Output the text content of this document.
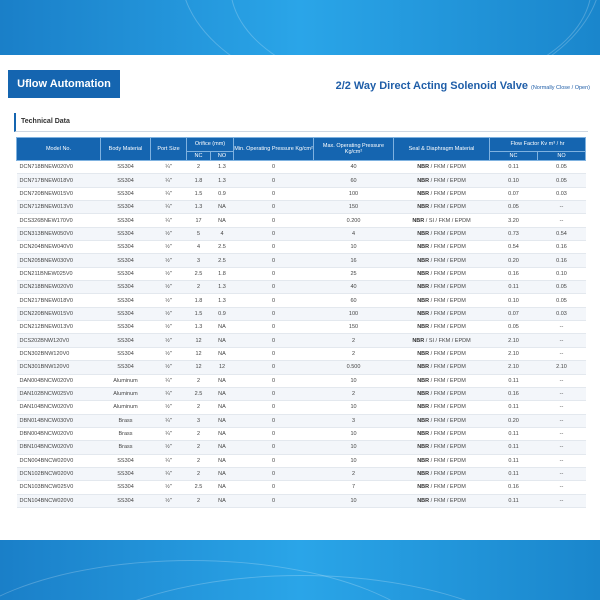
Uflow Automation	2/2 Way Direct Acting Solenoid Valve (Normally Close / Open)
Technical Data
Model No.	Body Material	Port Size	Orifice (mm)		Min. Operating Pressure Kg/cm²	Max. Operating Pressure Kg/cm²	Seal & Diaphragm Material	Flow Factor Kv m³ / hr	
			NC	NO				NC	NO
DCN718BNEW020V0	SS304	¼"	2	1.3	0	40	NBR / FKM / EPDM	0.11	0.05
DCN717BNEW018V0	SS304	¼"	1.8	1.3	0	60	NBR / FKM / EPDM	0.10	0.05
DCN720BNEW015V0	SS304	¼"	1.5	0.9	0	100	NBR / FKM / EPDM	0.07	0.03
DCN712BNEW013V0	SS304	¼"	1.3	NA	0	150	NBR / FKM / EPDM	0.05	--
DCS326BNEW170V0	SS304	¼"	17	NA	0	0.200	NBR / SI / FKM / EPDM	3.20	--
DCN313BNEW050V0	SS304	½"	5	4	0	4	NBR / FKM / EPDM	0.73	0.54
DCN204BNEW040V0	SS304	½"	4	2.5	0	10	NBR / FKM / EPDM	0.54	0.16
DCN205BNEW030V0	SS304	½"	3	2.5	0	16	NBR / FKM / EPDM	0.20	0.16
DCN211BNEW025V0	SS304	½"	2.5	1.8	0	25	NBR / FKM / EPDM	0.16	0.10
DCN218BNEW020V0	SS304	½"	2	1.3	0	40	NBR / FKM / EPDM	0.11	0.05
DCN217BNEW018V0	SS304	½"	1.8	1.3	0	60	NBR / FKM / EPDM	0.10	0.05
DCN220BNEW015V0	SS304	½"	1.5	0.9	0	100	NBR / FKM / EPDM	0.07	0.03
DCN212BNEW013V0	SS304	½"	1.3	NA	0	150	NBR / FKM / EPDM	0.05	--
DCS202BNW120V0	SS304	½"	12	NA	0	2	NBR / SI / FKM / EPDM	2.10	--
DCN302BNW120V0	SS304	½"	12	NA	0	2	NBR / FKM / EPDM	2.10	--
DCN301BNW120V0	SS304	½"	12	12	0	0.500	NBR / FKM / EPDM	2.10	2.10
DAN004BNCW020V0	Aluminum	¼"	2	NA	0	10	NBR / FKM / EPDM	0.11	--
DAN102BNCW025V0	Aluminum	¼"	2.5	NA	0	2	NBR / FKM / EPDM	0.16	--
DAN104BNCW020V0	Aluminum	½"	2	NA	0	10	NBR / FKM / EPDM	0.11	--
DBN014BNCW030V0	Brass	¼"	3	NA	0	3	NBR / FKM / EPDM	0.20	--
DBN004BNCW020V0	Brass	¼"	2	NA	0	10	NBR / FKM / EPDM	0.11	--
DBN104BNCW020V0	Brass	½"	2	NA	0	10	NBR / FKM / EPDM	0.11	--
DCN004BNCW020V0	SS304	¼"	2	NA	0	10	NBR / FKM / EPDM	0.11	--
DCN102BNCW020V0	SS304	¼"	2	NA	0	2	NBR / FKM / EPDM	0.11	--
DCN103BNCW025V0	SS304	½"	2.5	NA	0	7	NBR / FKM / EPDM	0.16	--
DCN104BNCW020V0	SS304	½"	2	NA	0	10	NBR / FKM / EPDM	0.11	--
